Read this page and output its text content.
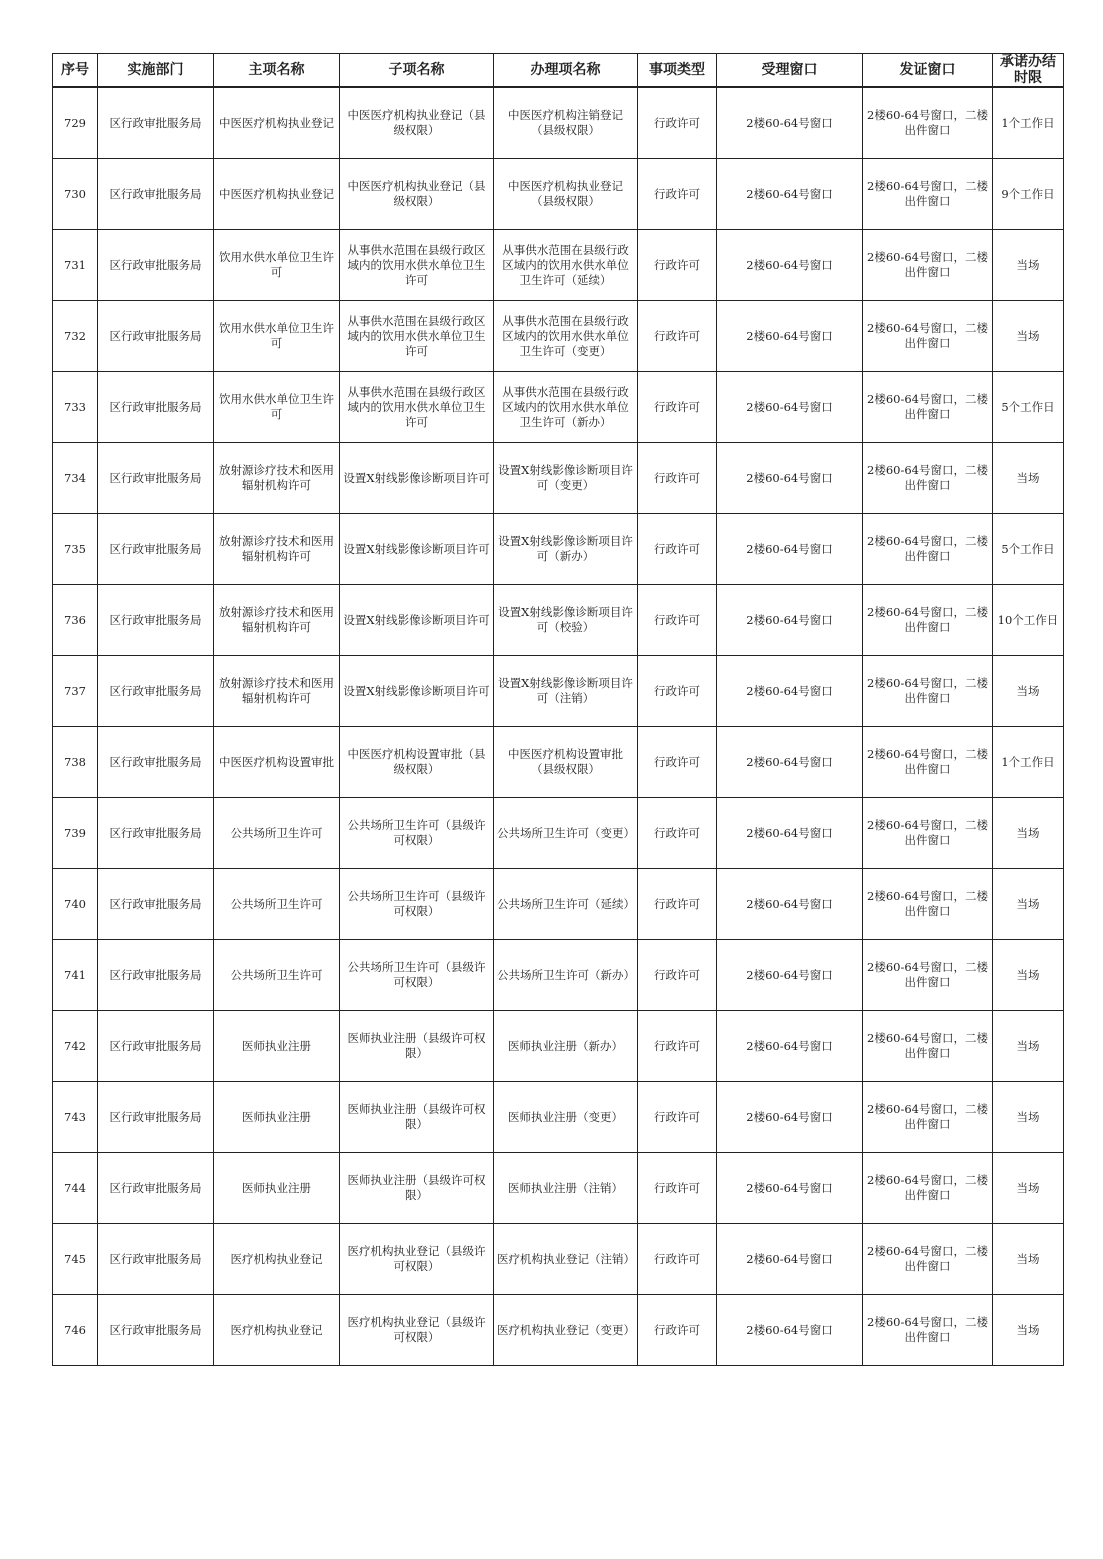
序号	实施部门	主项名称	子项名称	办理项名称	事项类型	受理窗口	发证窗口	承诺办结时限
729	区行政审批服务局	中医医疗机构执业登记	中医医疗机构执业登记（县级权限）	中医医疗机构注销登记（县级权限）	行政许可	2楼60-64号窗口	2楼60-64号窗口，二楼出件窗口	1个工作日
730	区行政审批服务局	中医医疗机构执业登记	中医医疗机构执业登记（县级权限）	中医医疗机构执业登记（县级权限）	行政许可	2楼60-64号窗口	2楼60-64号窗口，二楼出件窗口	9个工作日
731	区行政审批服务局	饮用水供水单位卫生许可	从事供水范围在县级行政区域内的饮用水供水单位卫生许可	从事供水范围在县级行政区域内的饮用水供水单位卫生许可（延续）	行政许可	2楼60-64号窗口	2楼60-64号窗口，二楼出件窗口	当场
732	区行政审批服务局	饮用水供水单位卫生许可	从事供水范围在县级行政区域内的饮用水供水单位卫生许可	从事供水范围在县级行政区域内的饮用水供水单位卫生许可（变更）	行政许可	2楼60-64号窗口	2楼60-64号窗口，二楼出件窗口	当场
733	区行政审批服务局	饮用水供水单位卫生许可	从事供水范围在县级行政区域内的饮用水供水单位卫生许可	从事供水范围在县级行政区域内的饮用水供水单位卫生许可（新办）	行政许可	2楼60-64号窗口	2楼60-64号窗口，二楼出件窗口	5个工作日
734	区行政审批服务局	放射源诊疗技术和医用辐射机构许可	设置X射线影像诊断项目许可	设置X射线影像诊断项目许可（变更）	行政许可	2楼60-64号窗口	2楼60-64号窗口，二楼出件窗口	当场
735	区行政审批服务局	放射源诊疗技术和医用辐射机构许可	设置X射线影像诊断项目许可	设置X射线影像诊断项目许可（新办）	行政许可	2楼60-64号窗口	2楼60-64号窗口，二楼出件窗口	5个工作日
736	区行政审批服务局	放射源诊疗技术和医用辐射机构许可	设置X射线影像诊断项目许可	设置X射线影像诊断项目许可（校验）	行政许可	2楼60-64号窗口	2楼60-64号窗口，二楼出件窗口	10个工作日
737	区行政审批服务局	放射源诊疗技术和医用辐射机构许可	设置X射线影像诊断项目许可	设置X射线影像诊断项目许可（注销）	行政许可	2楼60-64号窗口	2楼60-64号窗口，二楼出件窗口	当场
738	区行政审批服务局	中医医疗机构设置审批	中医医疗机构设置审批（县级权限）	中医医疗机构设置审批（县级权限）	行政许可	2楼60-64号窗口	2楼60-64号窗口，二楼出件窗口	1个工作日
739	区行政审批服务局	公共场所卫生许可	公共场所卫生许可（县级许可权限）	公共场所卫生许可（变更）	行政许可	2楼60-64号窗口	2楼60-64号窗口，二楼出件窗口	当场
740	区行政审批服务局	公共场所卫生许可	公共场所卫生许可（县级许可权限）	公共场所卫生许可（延续）	行政许可	2楼60-64号窗口	2楼60-64号窗口，二楼出件窗口	当场
741	区行政审批服务局	公共场所卫生许可	公共场所卫生许可（县级许可权限）	公共场所卫生许可（新办）	行政许可	2楼60-64号窗口	2楼60-64号窗口，二楼出件窗口	当场
742	区行政审批服务局	医师执业注册	医师执业注册（县级许可权限）	医师执业注册（新办）	行政许可	2楼60-64号窗口	2楼60-64号窗口，二楼出件窗口	当场
743	区行政审批服务局	医师执业注册	医师执业注册（县级许可权限）	医师执业注册（变更）	行政许可	2楼60-64号窗口	2楼60-64号窗口，二楼出件窗口	当场
744	区行政审批服务局	医师执业注册	医师执业注册（县级许可权限）	医师执业注册（注销）	行政许可	2楼60-64号窗口	2楼60-64号窗口，二楼出件窗口	当场
745	区行政审批服务局	医疗机构执业登记	医疗机构执业登记（县级许可权限）	医疗机构执业登记（注销）	行政许可	2楼60-64号窗口	2楼60-64号窗口，二楼出件窗口	当场
746	区行政审批服务局	医疗机构执业登记	医疗机构执业登记（县级许可权限）	医疗机构执业登记（变更）	行政许可	2楼60-64号窗口	2楼60-64号窗口，二楼出件窗口	当场
